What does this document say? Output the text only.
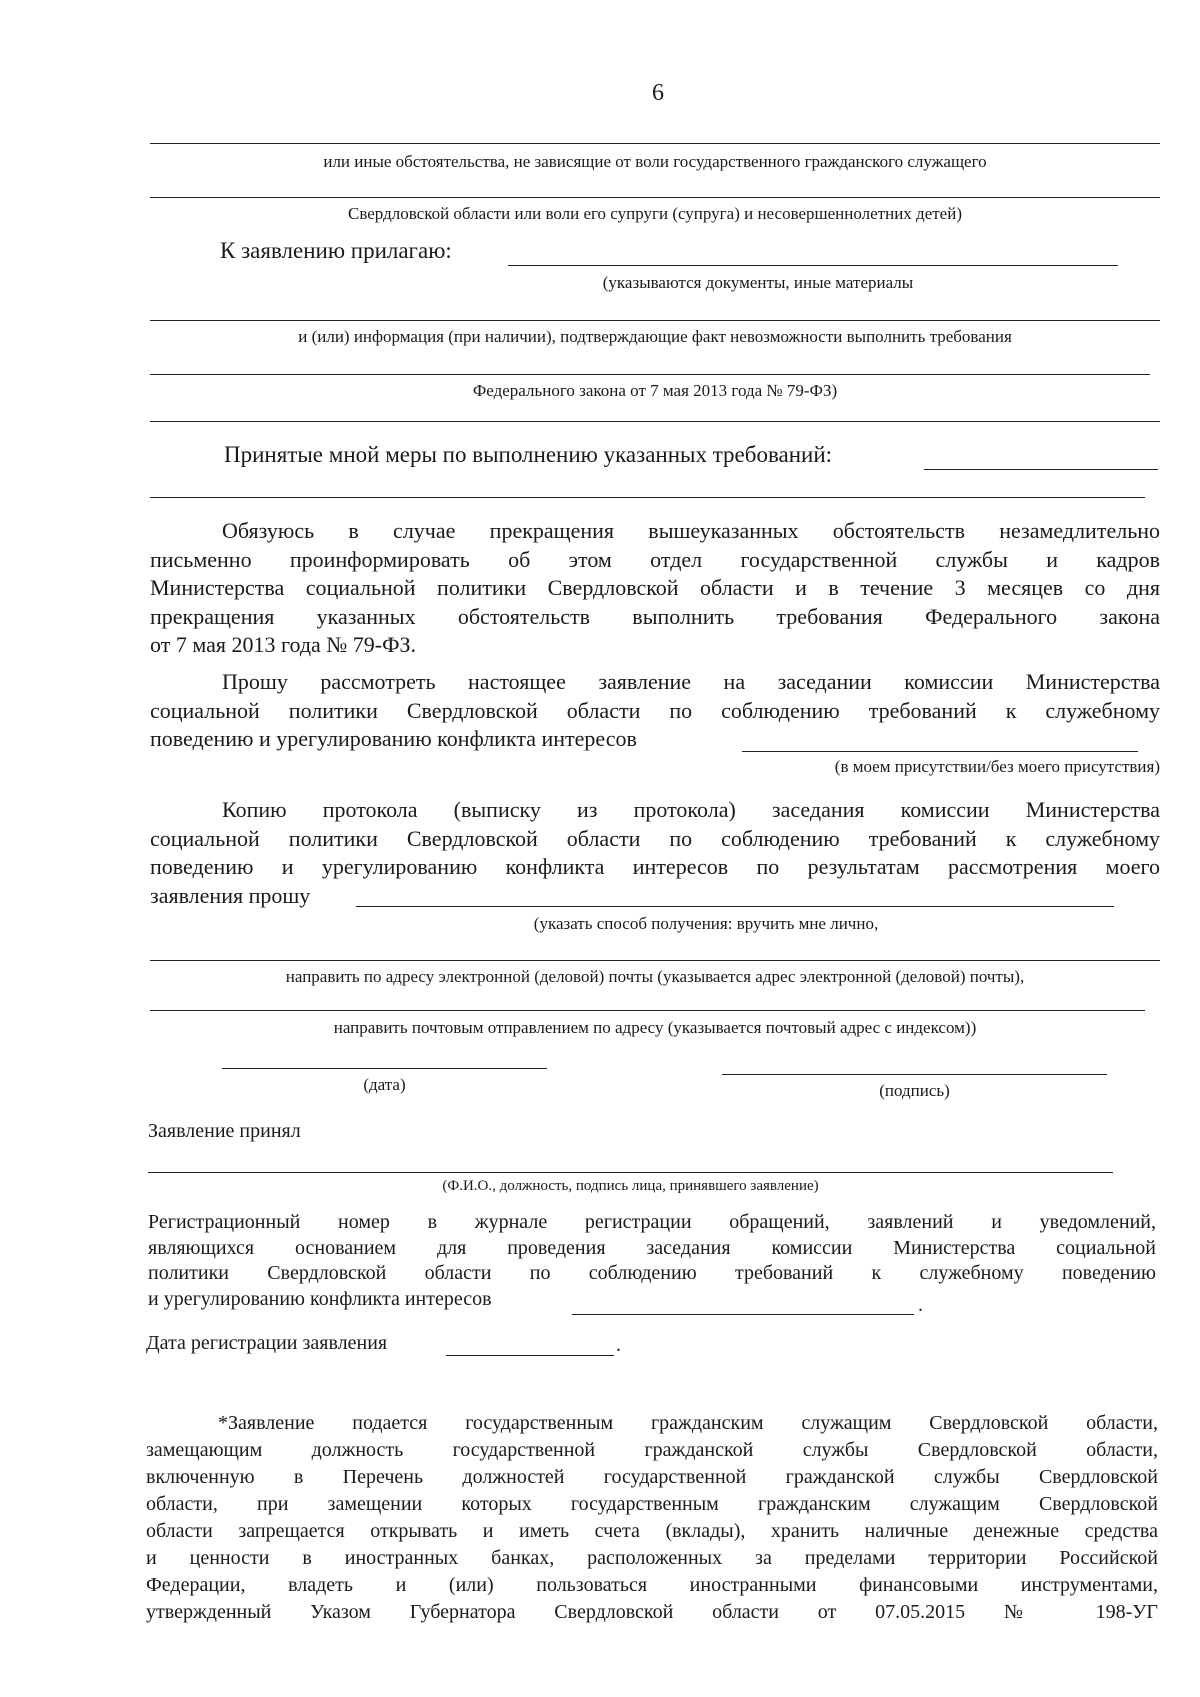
6
или иные обстоятельства, не зависящие от воли государственного гражданского служащего
Свердловской области или воли его супруги (супруга) и несовершеннолетних детей)
К заявлению прилагаю:
(указываются документы, иные материалы
и (или) информация (при наличии), подтверждающие факт невозможности выполнить требования
Федерального закона от 7 мая 2013 года № 79-ФЗ)
Принятые мной меры по выполнению указанных требований:
Обязуюсь в случае прекращения вышеуказанных обстоятельств незамедлительно
письменно проинформировать об этом отдел государственной службы и кадров
Министерства социальной политики Свердловской области и в течение 3 месяцев со дня
прекращения указанных обстоятельств выполнить требования Федерального закона
от 7 мая 2013 года № 79-ФЗ.
Прошу рассмотреть настоящее заявление на заседании комиссии Министерства
социальной политики Свердловской области по соблюдению требований к служебному
поведению и урегулированию конфликта интересов
(в моем присутствии/без моего присутствия)
Копию протокола (выписку из протокола) заседания комиссии Министерства
социальной политики Свердловской области по соблюдению требований к служебному
поведению и урегулированию конфликта интересов по результатам рассмотрения моего
заявления прошу
(указать способ получения: вручить мне лично,
направить по адресу электронной (деловой) почты (указывается адрес электронной (деловой) почты),
направить почтовым отправлением по адресу (указывается почтовый адрес с индексом))
(дата)	(подпись)
Заявление принял
(Ф.И.О., должность, подпись лица, принявшего заявление)
Регистрационный номер в журнале регистрации обращений, заявлений и уведомлений,
являющихся основанием для проведения заседания комиссии Министерства социальной
политики Свердловской области по соблюдению требований к служебному поведению
и урегулированию конфликта интересов	.
Дата регистрации заявления	.
*Заявление подается государственным гражданским служащим Свердловской области,
замещающим должность государственной гражданской службы Свердловской области,
включенную в Перечень должностей государственной гражданской службы Свердловской
области, при замещении которых государственным гражданским служащим Свердловской
области запрещается открывать и иметь счета (вклады), хранить наличные денежные средства
и ценности в иностранных банках, расположенных за пределами территории Российской
Федерации, владеть и (или) пользоваться иностранными финансовыми инструментами,
утвержденный Указом Губернатора Свердловской области от 07.05.2015 № 198-УГ
